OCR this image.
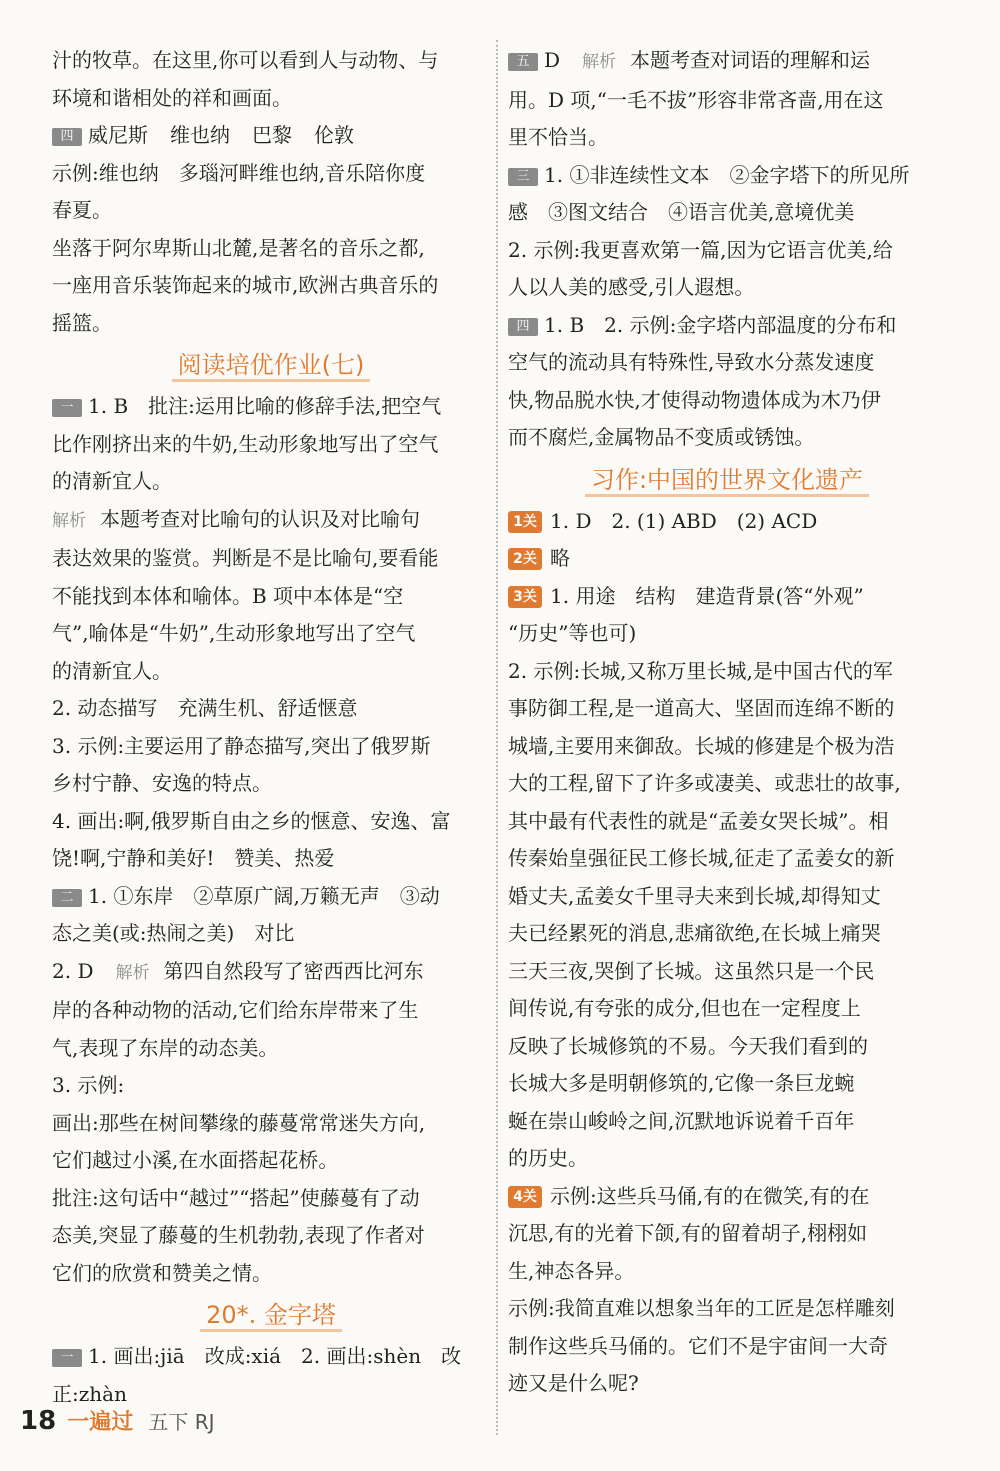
汁的牧草。在这里,你可以看到人与动物、与

环境和谐相处的祥和画面。

四 威尼斯 维也纳 巴黎 伦敦

示例:维也纳　多瑙河畔维也纳,音乐陪你度

春夏。

坐落于阿尔卑斯山北麓,是著名的音乐之都,

一座用音乐装饰起来的城市,欧洲古典音乐的

摇篮。

阅读培优作业(七)

一 1. B　批注:运用比喻的修辞手法,把空气

比作刚挤出来的牛奶,生动形象地写出了空气

的清新宜人。

解析 本题考查对比喻句的认识及对比喻句

表达效果的鉴赏。判断是不是比喻句,要看能

不能找到本体和喻体。B 项中本体是“空

气”,喻体是“牛奶”,生动形象地写出了空气

的清新宜人。

2. 动态描写　充满生机、舒适惬意

3. 示例:主要运用了静态描写,突出了俄罗斯

乡村宁静、安逸的特点。

4. 画出:啊,俄罗斯自由之乡的惬意、安逸、富

饶!啊,宁静和美好!　赞美、热爱

二 1. ①东岸　②草原广阔,万籁无声　③动

态之美(或:热闹之美)　对比

2. D 解析 第四自然段写了密西西比河东

岸的各种动物的活动,它们给东岸带来了生

气,表现了东岸的动态美。

3. 示例:

画出:那些在树间攀缘的藤蔓常常迷失方向,

它们越过小溪,在水面搭起花桥。

批注:这句话中“越过”“搭起”使藤蔓有了动

态美,突显了藤蔓的生机勃勃,表现了作者对

它们的欣赏和赞美之情。

20*. 金字塔

一 1. 画出:jiā　改成:xiá　2. 画出:shèn　改

正:zhàn

五 D 解析 本题考查对词语的理解和运

用。D 项,“一毛不拔”形容非常吝啬,用在这

里不恰当。

三 1. ①非连续性文本　②金字塔下的所见所

感　③图文结合　④语言优美,意境优美

2. 示例:我更喜欢第一篇,因为它语言优美,给

人以人美的感受,引人遐想。

四 1. B　2. 示例:金字塔内部温度的分布和

空气的流动具有特殊性,导致水分蒸发速度

快,物品脱水快,才使得动物遗体成为木乃伊

而不腐烂,金属物品不变质或锈蚀。

习作:中国的世界文化遗产

1关 1. D　2. (1) ABD　(2) ACD

2关 略

3关 1. 用途　结构　建造背景(答“外观”

“历史”等也可)

2. 示例:长城,又称万里长城,是中国古代的军

事防御工程,是一道高大、坚固而连绵不断的

城墙,主要用来御敌。长城的修建是个极为浩

大的工程,留下了许多或凄美、或悲壮的故事,

其中最有代表性的就是“孟姜女哭长城”。相

传秦始皇强征民工修长城,征走了孟姜女的新

婚丈夫,孟姜女千里寻夫来到长城,却得知丈

夫已经累死的消息,悲痛欲绝,在长城上痛哭

三天三夜,哭倒了长城。这虽然只是一个民

间传说,有夸张的成分,但也在一定程度上

反映了长城修筑的不易。今天我们看到的

长城大多是明朝修筑的,它像一条巨龙蜿

蜒在崇山峻岭之间,沉默地诉说着千百年

的历史。

4关 示例:这些兵马俑,有的在微笑,有的在

沉思,有的光着下颌,有的留着胡子,栩栩如

生,神态各异。

示例:我简直难以想象当年的工匠是怎样雕刻

制作这些兵马俑的。它们不是宇宙间一大奇

迹又是什么呢?

18 一遍过 五下 RJ
